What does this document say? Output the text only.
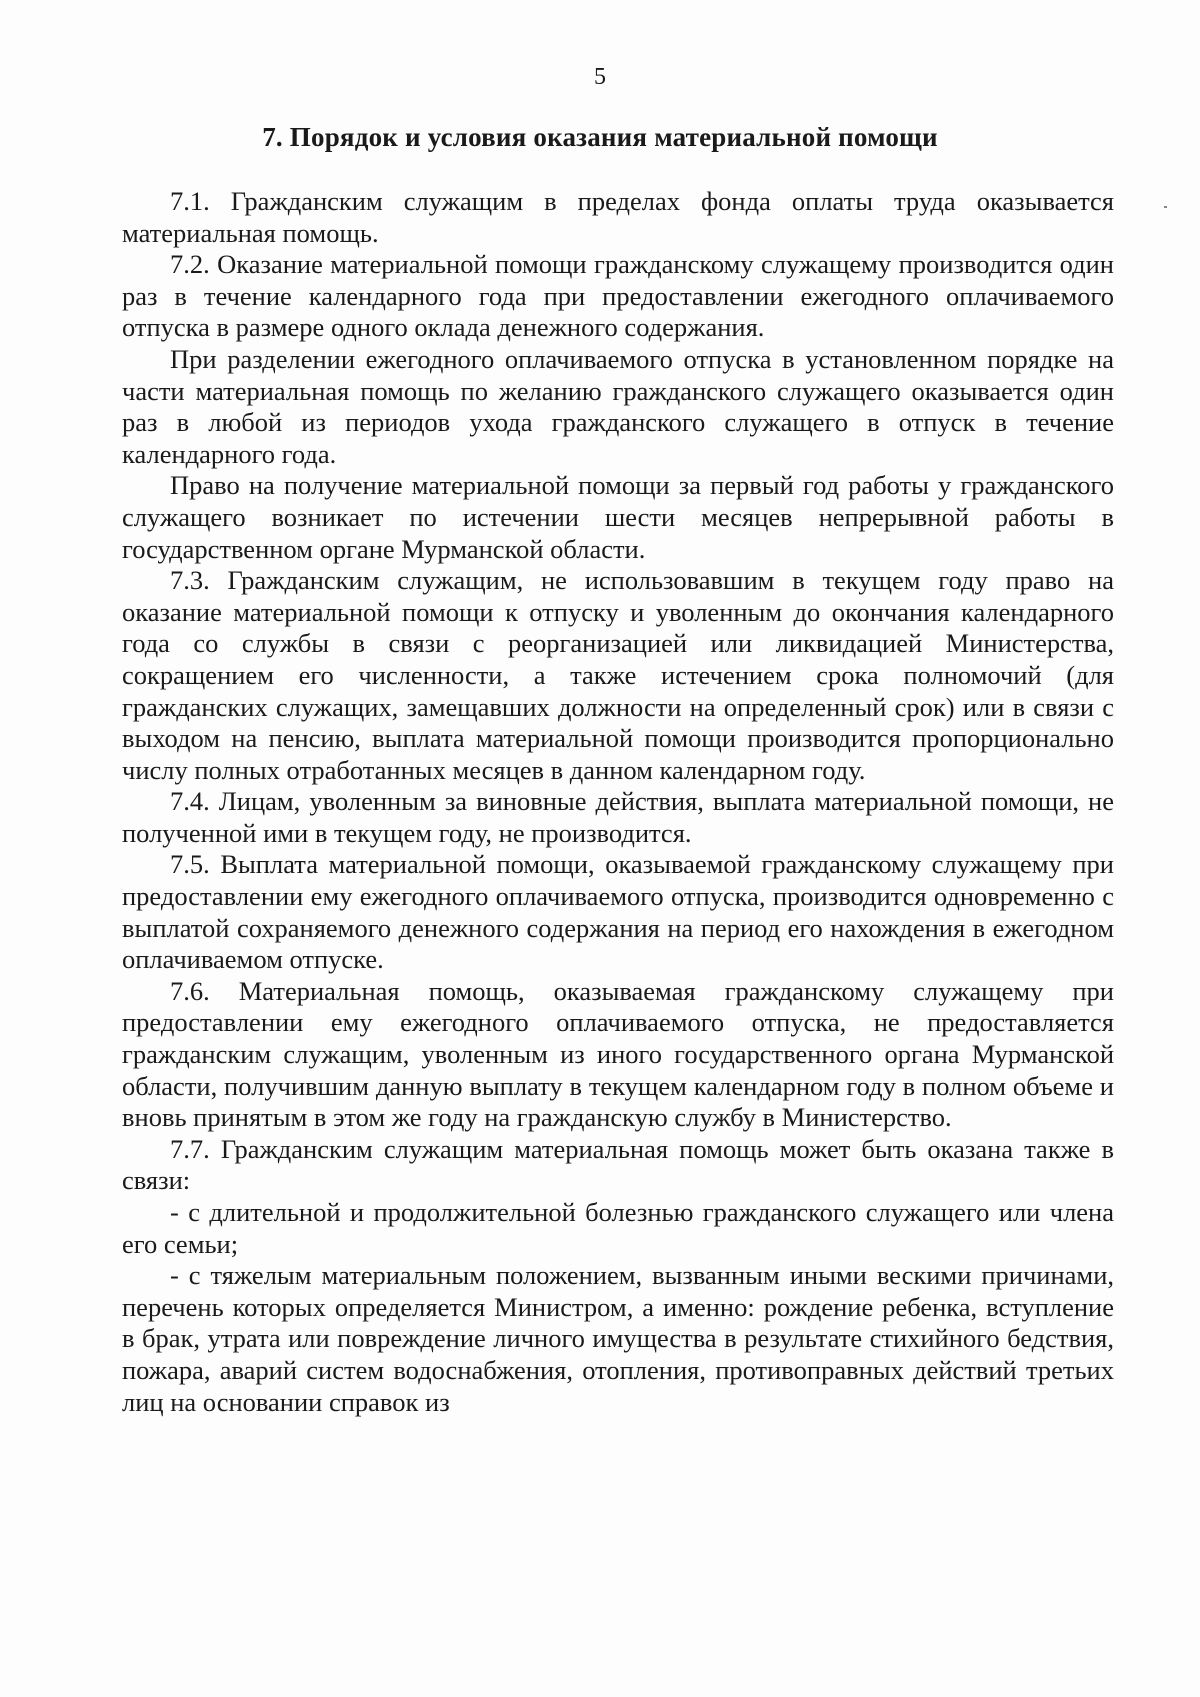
5
7. Порядок и условия оказания материальной помощи

7.1. Гражданским служащим в пределах фонда оплаты труда оказывается материальная помощь.

7.2. Оказание материальной помощи гражданскому служащему производится один раз в течение календарного года при предоставлении ежегодного оплачиваемого отпуска в размере одного оклада денежного содержания.

При разделении ежегодного оплачиваемого отпуска в установленном порядке на части материальная помощь по желанию гражданского служащего оказывается один раз в любой из периодов ухода гражданского служащего в отпуск в течение календарного года.

Право на получение материальной помощи за первый год работы у гражданского служащего возникает по истечении шести месяцев непрерывной работы в государственном органе Мурманской области.

7.3. Гражданским служащим, не использовавшим в текущем году право на оказание материальной помощи к отпуску и уволенным до окончания календарного года со службы в связи с реорганизацией или ликвидацией Министерства, сокращением его численности, а также истечением срока полномочий (для гражданских служащих, замещавших должности на определенный срок) или в связи с выходом на пенсию, выплата материальной помощи производится пропорционально числу полных отработанных месяцев в данном календарном году.

7.4. Лицам, уволенным за виновные действия, выплата материальной помощи, не полученной ими в текущем году, не производится.

7.5. Выплата материальной помощи, оказываемой гражданскому служащему при предоставлении ему ежегодного оплачиваемого отпуска, производится одновременно с выплатой сохраняемого денежного содержания на период его нахождения в ежегодном оплачиваемом отпуске.

7.6. Материальная помощь, оказываемая гражданскому служащему при предоставлении ему ежегодного оплачиваемого отпуска, не предоставляется гражданским служащим, уволенным из иного государственного органа Мурманской области, получившим данную выплату в текущем календарном году в полном объеме и вновь принятым в этом же году на гражданскую службу в Министерство.

7.7. Гражданским служащим материальная помощь может быть оказана также в связи:

- с длительной и продолжительной болезнью гражданского служащего или члена его семьи;

- с тяжелым материальным положением, вызванным иными вескими причинами, перечень которых определяется Министром, а именно: рождение ребенка, вступление в брак, утрата или повреждение личного имущества в результате стихийного бедствия, пожара, аварий систем водоснабжения, отопления, противоправных действий третьих лиц на основании справок из
